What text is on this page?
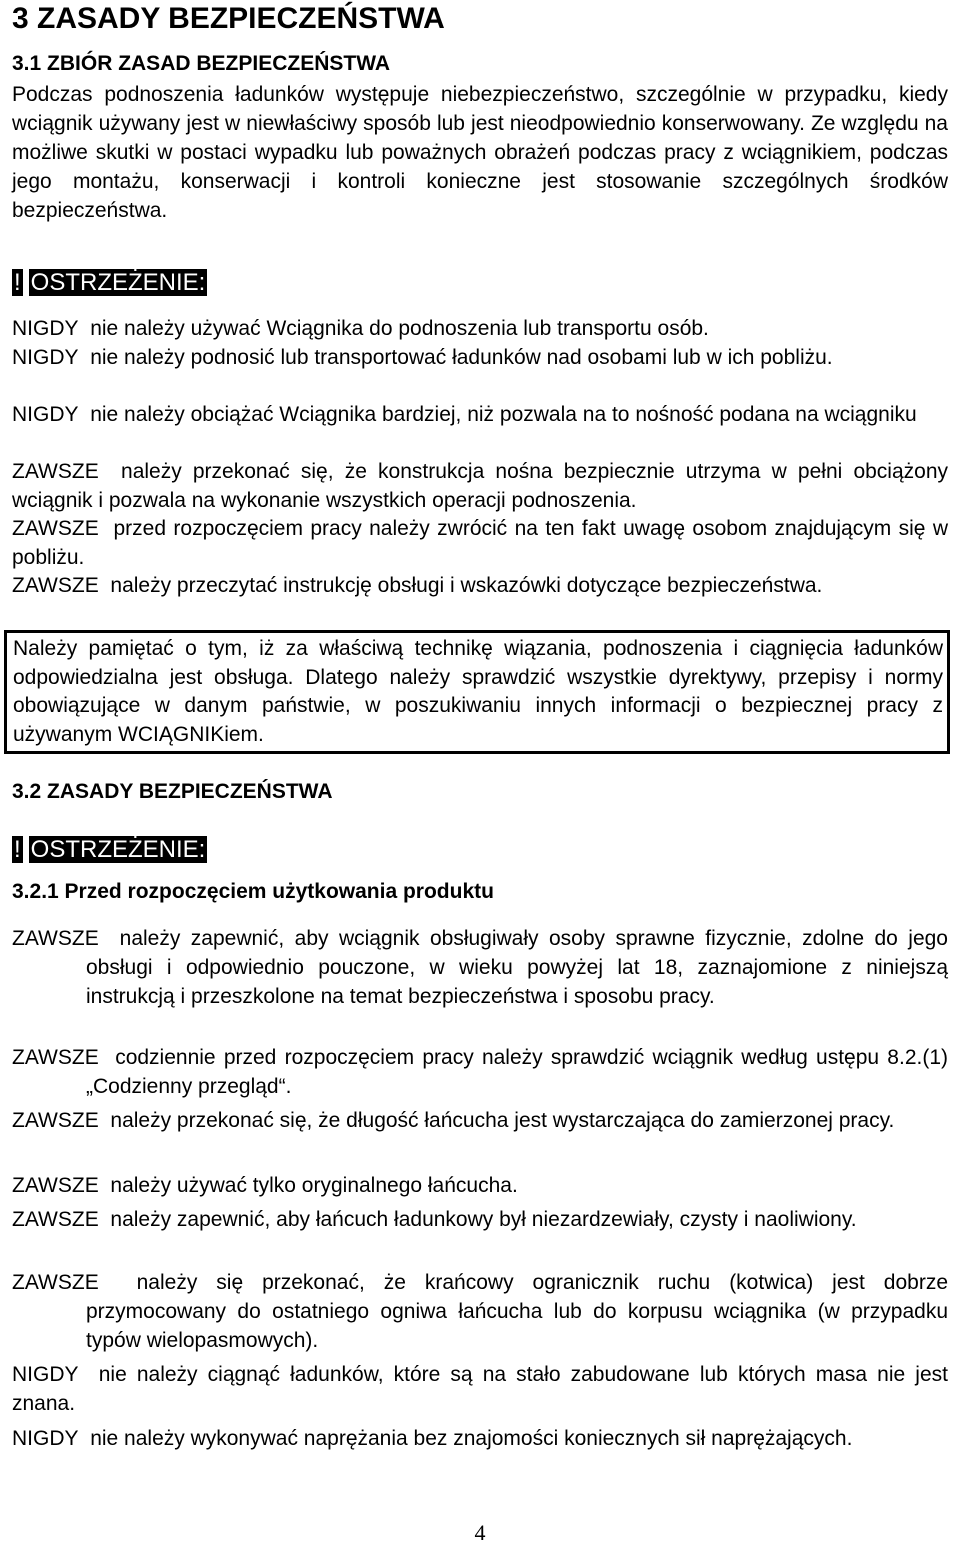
3 ZASADY BEZPIECZEŃSTWA
3.1 ZBIÓR ZASAD BEZPIECZEŃSTWA
Podczas podnoszenia ładunków występuje niebezpieczeństwo, szczególnie w przypadku, kiedy wciągnik używany jest w niewłaściwy sposób lub jest nieodpowiednio konserwowany. Ze względu na możliwe skutki w postaci wypadku lub poważnych obrażeń podczas pracy z wciągnikiem, podczas jego montażu, konserwacji i kontroli konieczne jest stosowanie szczególnych środków bezpieczeństwa.
! OSTRZEŻENIE:
NIGDY nie należy używać Wciągnika do podnoszenia lub transportu osób.
NIGDY nie należy podnosić lub transportować ładunków nad osobami lub w ich pobliżu.
NIGDY nie należy obciążać Wciągnika bardziej, niż pozwala na to nośność podana na wciągniku
ZAWSZE należy przekonać się, że konstrukcja nośna bezpiecznie utrzyma w pełni obciążony wciągnik i pozwala na wykonanie wszystkich operacji podnoszenia.
ZAWSZE przed rozpoczęciem pracy należy zwrócić na ten fakt uwagę osobom znajdującym się w pobliżu.
ZAWSZE należy przeczytać instrukcję obsługi i wskazówki dotyczące bezpieczeństwa.
Należy pamiętać o tym, iż za właściwą technikę wiązania, podnoszenia i ciągnięcia ładunków odpowiedzialna jest obsługa. Dlatego należy sprawdzić wszystkie dyrektywy, przepisy i normy obowiązujące w danym państwie, w poszukiwaniu innych informacji o bezpiecznej pracy z używanym WCIĄGNIKiem.
3.2 ZASADY BEZPIECZEŃSTWA
! OSTRZEŻENIE:
3.2.1 Przed rozpoczęciem użytkowania produktu
ZAWSZE należy zapewnić, aby wciągnik obsługiwały osoby sprawne fizycznie, zdolne do jego obsługi i odpowiednio pouczone, w wieku powyżej lat 18, zaznajomione z niniejszą instrukcją i przeszkolone na temat bezpieczeństwa i sposobu pracy.
ZAWSZE codziennie przed rozpoczęciem pracy należy sprawdzić wciągnik według ustępu 8.2.(1) „Codzienny przegląd“.
ZAWSZE należy przekonać się, że długość łańcucha jest wystarczająca do zamierzonej pracy.
ZAWSZE należy używać tylko oryginalnego łańcucha.
ZAWSZE należy zapewnić, aby łańcuch ładunkowy był niezardzewiały, czysty i naoliwiony.
ZAWSZE należy się przekonać, że krańcowy ogranicznik ruchu (kotwica) jest dobrze przymocowany do ostatniego ogniwa łańcucha lub do korpusu wciągnika (w przypadku typów wielopasmowych).
NIGDY nie należy ciągnąć ładunków, które są na stało zabudowane lub których masa nie jest znana.
NIGDY nie należy wykonywać naprężania bez znajomości koniecznych sił naprężających.
4
